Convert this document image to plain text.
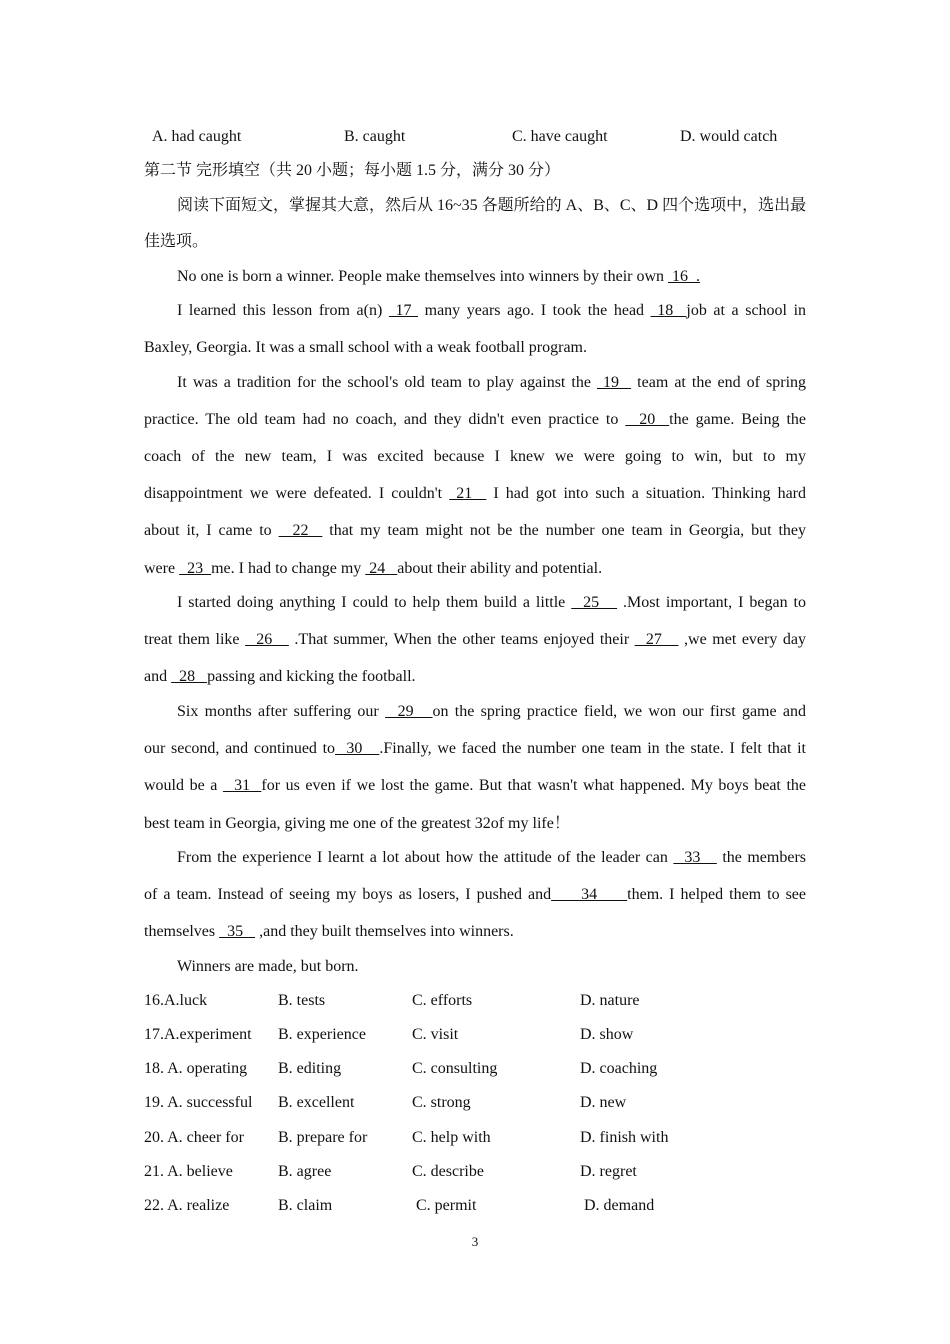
A. had caught	B. caught	C. have caught	D. would catch
第二节 完形填空（共 20 小题；每小题 1.5 分，满分 30 分）
阅读下面短文，掌握其大意，然后从 16~35 各题所给的 A、B、C、D 四个选项中，选出最
佳选项。
No one is born a winner. People make themselves into winners by their own  16  .
I learned this lesson from a(n)  17  many years ago. I took the head  18  job at a school in
Baxley, Georgia. It was a small school with a weak football program.
It was a tradition for the school's old team to play against the  19   team at the end of spring
practice. The old team had no coach, and they didn't even practice to   20  the game. Being the
coach of the new team, I was excited because I knew we were going to win, but to my
disappointment we were defeated. I couldn't  21   I had got into such a situation. Thinking hard
about it, I came to   22   that my team might not be the number one team in Georgia, but they
were   23  me. I had to change my  24   about their ability and potential.
I started doing anything I could to help them build a little   25    .Most important, I began to
treat them like   26    .That summer, When the other teams enjoyed their   27    ,we met every day
and   28   passing and kicking the football.
Six months after suffering our   29   on the spring practice field, we won our first game and
our second, and continued to  30   .Finally, we faced the number one team in the state. I felt that it
would be a   31  for us even if we lost the game. But that wasn't what happened. My boys beat the
best team in Georgia, giving me one of the greatest 32of my life！
From the experience I learnt a lot about how the attitude of the leader can   33    the members
of a team. Instead of seeing my boys as losers, I pushed and     34     them. I helped them to see
themselves   35    ,and they built themselves into winners.
Winners are made, but born.
16.A.luck	B. tests	C. efforts	D. nature
17.A.experiment B. experience	C. visit	D. show
18. A. operating B. editing	C. consulting	D. coaching
19. A. successful B. excellent	C. strong	D. new
20. A. cheer for B. prepare for	C. help with	D. finish with
21. A. believe	B. agree	C. describe	D. regret
22. A. realize	B. claim	C. permit	D. demand
3
